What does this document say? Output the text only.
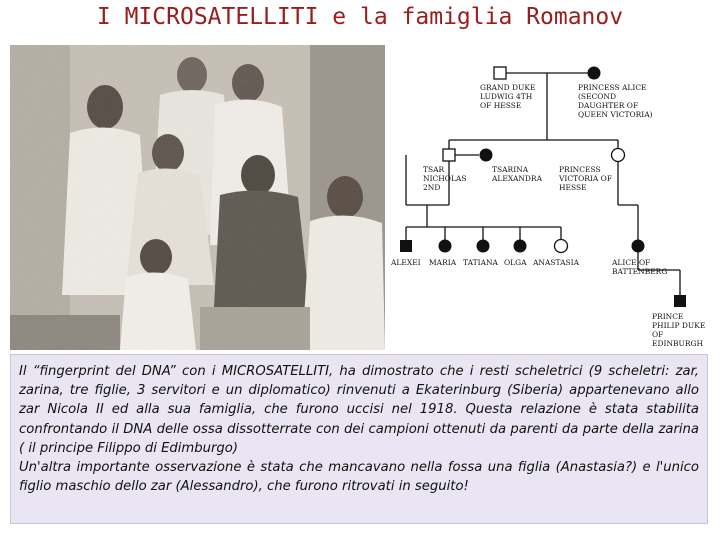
I MICROSATELLITI e la famiglia Romanov
GRAND DUKE LUDWIG 4TH OF HESSE
PRINCESS ALICE (SECOND DAUGHTER OF QUEEN VICTORIA)
TSAR NICHOLAS 2ND
TSARINA ALEXANDRA
PRINCESS VICTORIA OF HESSE
ALEXEI MARIA TATIANA OLGA ANASTASIA	ALICE OF BATTENBERG
PRINCE PHILIP DUKE OF EDINBURGH

Il “fingerprint del DNA” con i MICROSATELLITI, ha dimostrato che i resti scheletrici (9 scheletri: zar, zarina, tre figlie, 3 servitori e un diplomatico) rinvenuti a Ekaterinburg (Siberia) appartenevano allo zar Nicola II ed alla sua famiglia, che furono uccisi nel 1918. Questa relazione è stata stabilita confrontando il DNA delle ossa dissotterrate con dei campioni ottenuti da parenti da parte della zarina ( il principe Filippo di Edimburgo)

Un'altra importante osservazione è stata che mancavano nella fossa una figlia (Anastasia?) e l'unico figlio maschio dello zar (Alessandro), che furono ritrovati in seguito!
